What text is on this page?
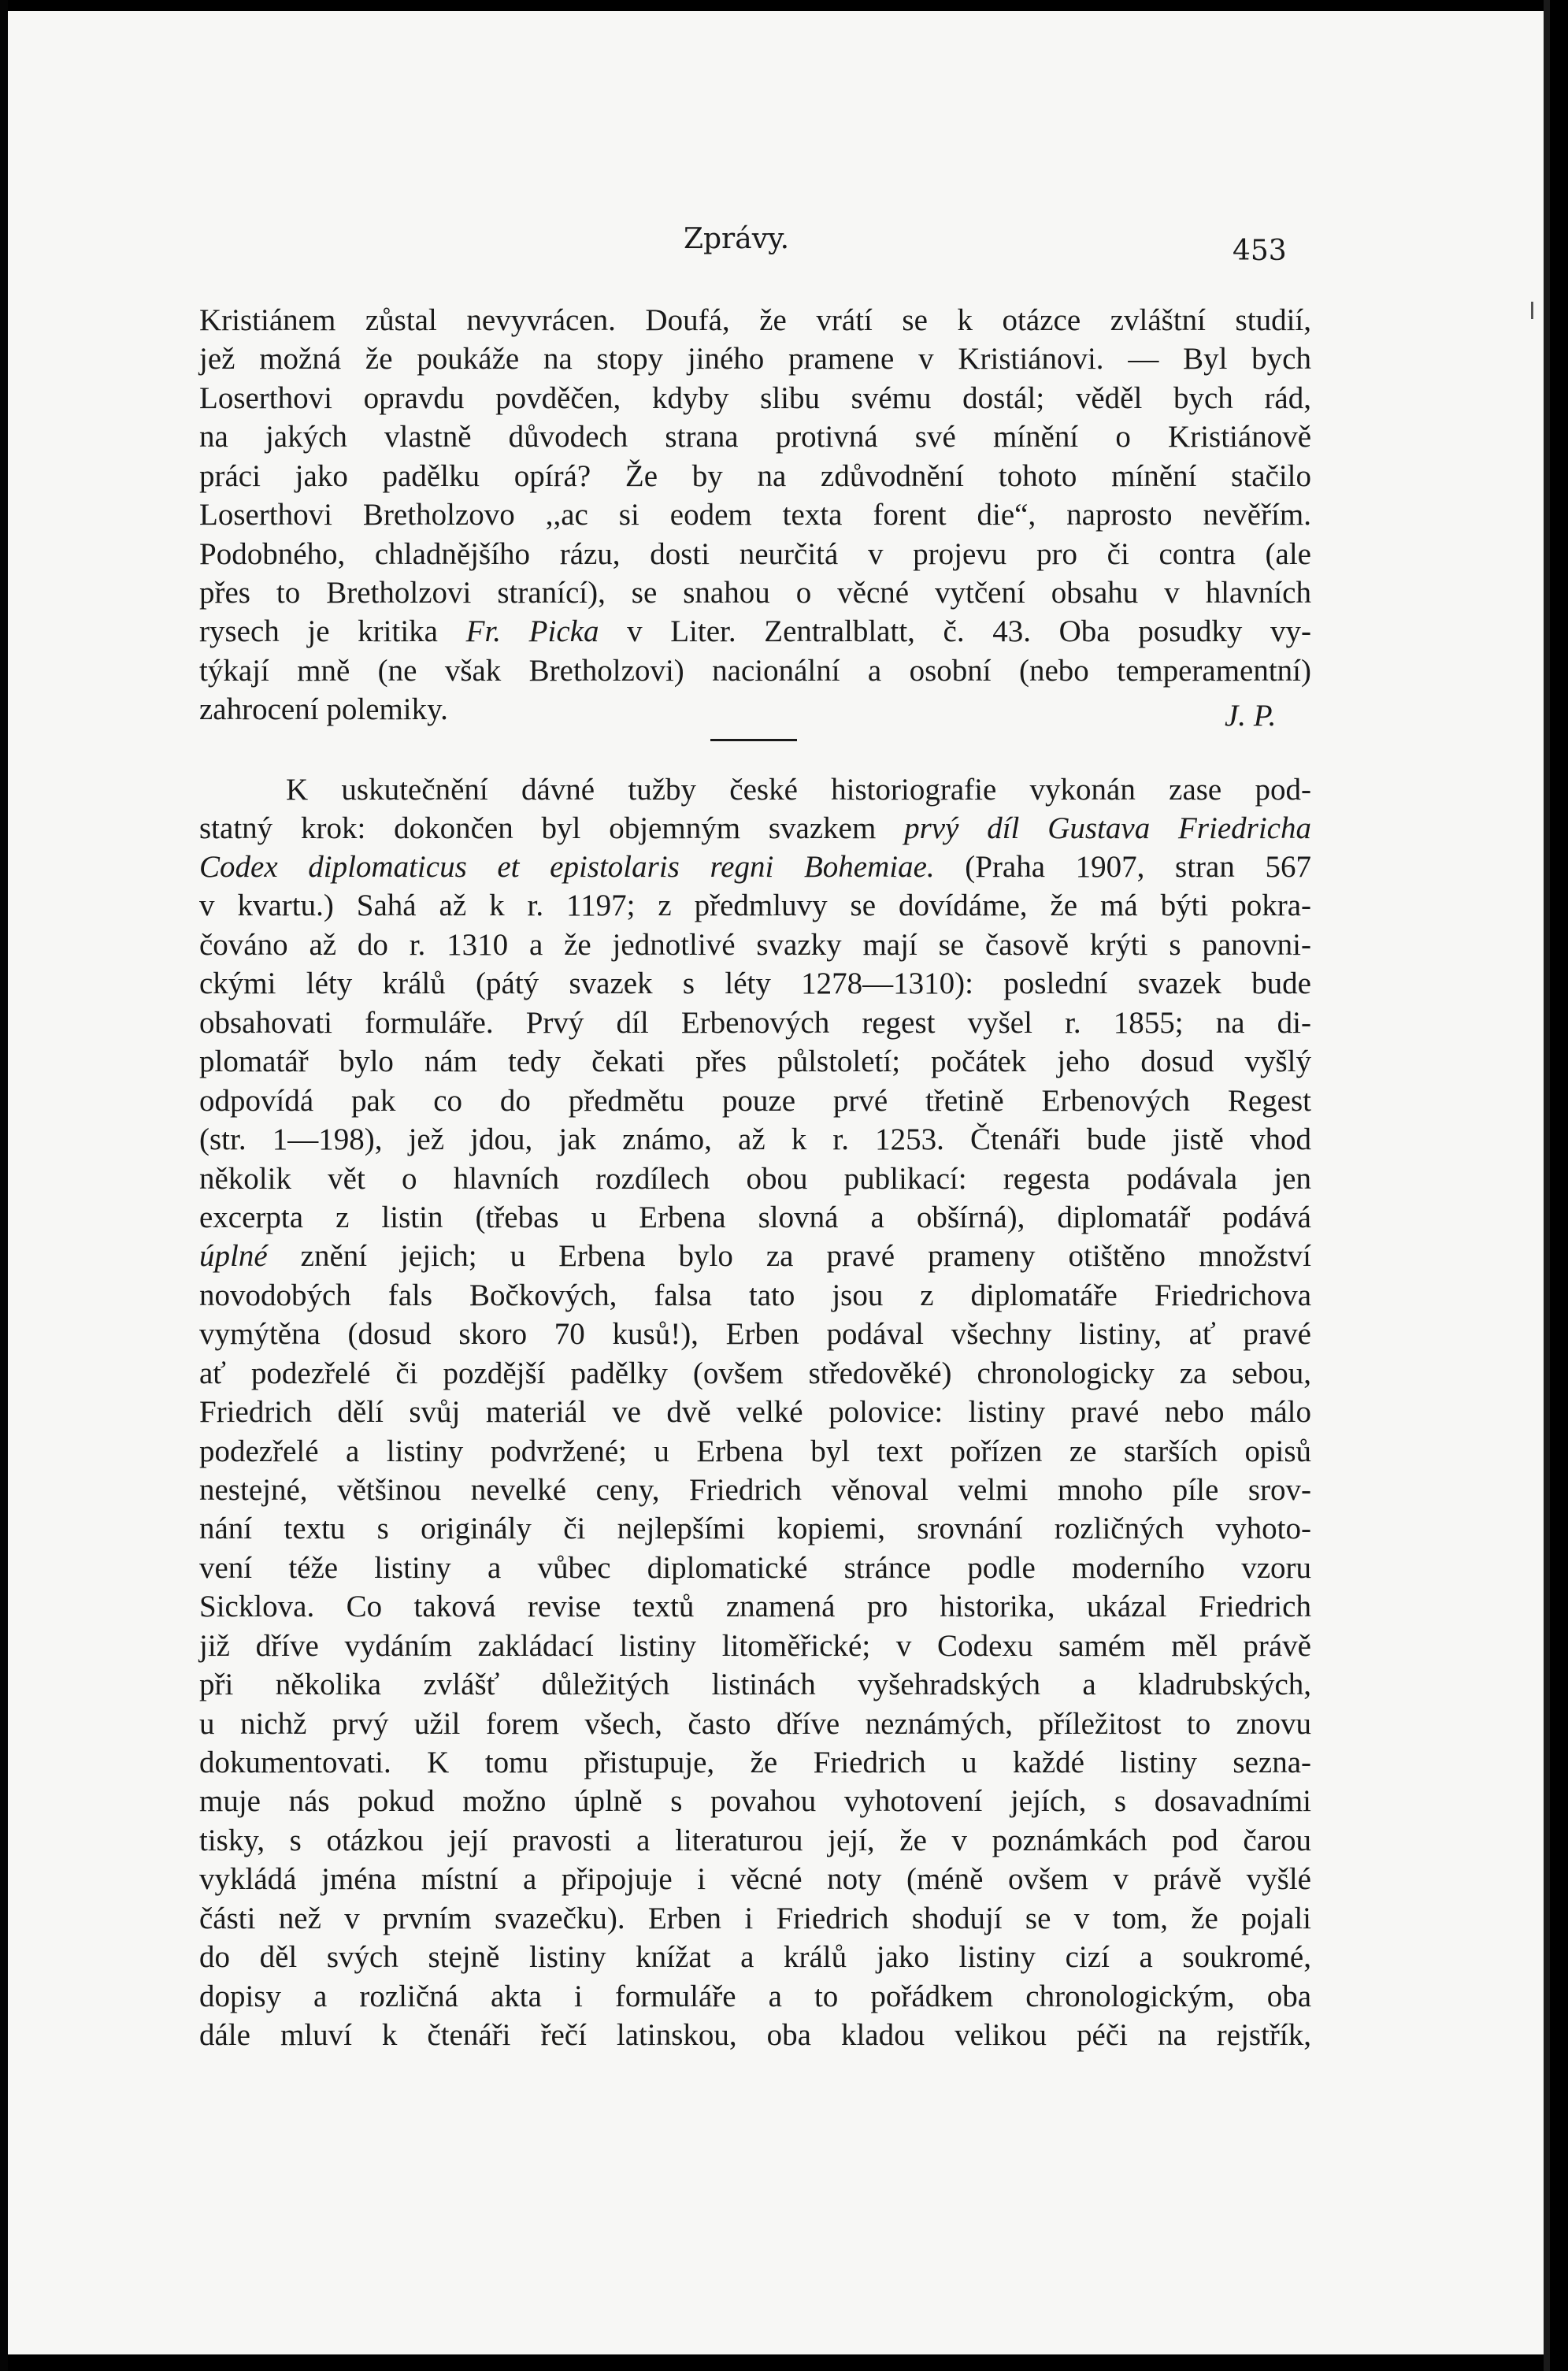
Zprávy.	453
Kristiánem zůstal nevyvrácen. Doufá, že vrátí se k otázce zvláštní studií,
jež možná že poukáže na stopy jiného pramene v Kristiánovi. — Byl bych
Loserthovi opravdu povděčen, kdyby slibu svému dostál; věděl bych rád,
na jakých vlastně důvodech strana protivná své mínění o Kristiánově
práci jako padělku opírá? Že by na zdůvodnění tohoto mínění stačilo
Loserthovi Bretholzovo ,,ac si eodem texta forent die“, naprosto nevěřím.
Podobného, chladnějšího rázu, dosti neurčitá v projevu pro či contra (ale
přes to Bretholzovi stranící), se snahou o věcné vytčení obsahu v hlavních
rysech je kritika Fr. Picka v Liter. Zentralblatt, č. 43. Oba posudky vy-
týkají mně (ne však Bretholzovi) nacionální a osobní (nebo temperamentní)
zahrocení polemiky.	J. P.
K uskutečnění dávné tužby české historiografie vykonán zase pod-
statný krok: dokončen byl objemným svazkem prvý díl Gustava Friedricha
Codex diplomaticus et epistolaris regni Bohemiae. (Praha 1907, stran 567
v kvartu.) Sahá až k r. 1197; z předmluvy se dovídáme, že má býti pokra-
čováno až do r. 1310 a že jednotlivé svazky mají se časově krýti s panovni-
ckými léty králů (pátý svazek s léty 1278—1310): poslední svazek bude
obsahovati formuláře. Prvý díl Erbenových regest vyšel r. 1855; na di-
plomatář bylo nám tedy čekati přes půlstoletí; počátek jeho dosud vyšlý
odpovídá pak co do předmětu pouze prvé třetině Erbenových Regest
(str. 1—198), jež jdou, jak známo, až k r. 1253. Čtenáři bude jistě vhod
několik vět o hlavních rozdílech obou publikací: regesta podávala jen
excerpta z listin (třebas u Erbena slovná a obšírná), diplomatář podává
úplné znění jejich; u Erbena bylo za pravé prameny otištěno množství
novodobých fals Bočkových, falsa tato jsou z diplomatáře Friedrichova
vymýtěna (dosud skoro 70 kusů!), Erben podával všechny listiny, ať pravé
ať podezřelé či pozdější padělky (ovšem středověké) chronologicky za sebou,
Friedrich dělí svůj materiál ve dvě velké polovice: listiny pravé nebo málo
podezřelé a listiny podvržené; u Erbena byl text pořízen ze starších opisů
nestejné, většinou nevelké ceny, Friedrich věnoval velmi mnoho píle srov-
nání textu s originály či nejlepšími kopiemi, srovnání rozličných vyhoto-
vení téže listiny a vůbec diplomatické stránce podle moderního vzoru
Sicklova. Co taková revise textů znamená pro historika, ukázal Friedrich
již dříve vydáním zakládací listiny litoměřické; v Codexu samém měl právě
při několika zvlášť důležitých listinách vyšehradských a kladrubských,
u nichž prvý užil forem všech, často dříve neznámých, příležitost to znovu
dokumentovati. K tomu přistupuje, že Friedrich u každé listiny sezna-
muje nás pokud možno úplně s povahou vyhotovení jejích, s dosavadními
tisky, s otázkou její pravosti a literaturou její, že v poznámkách pod čarou
vykládá jména místní a připojuje i věcné noty (méně ovšem v právě vyšlé
části než v prvním svazečku). Erben i Friedrich shodují se v tom, že pojali
do děl svých stejně listiny knížat a králů jako listiny cizí a soukromé,
dopisy a rozličná akta i formuláře a to pořádkem chronologickým, oba
dále mluví k čtenáři řečí latinskou, oba kladou velikou péči na rejstřík,
